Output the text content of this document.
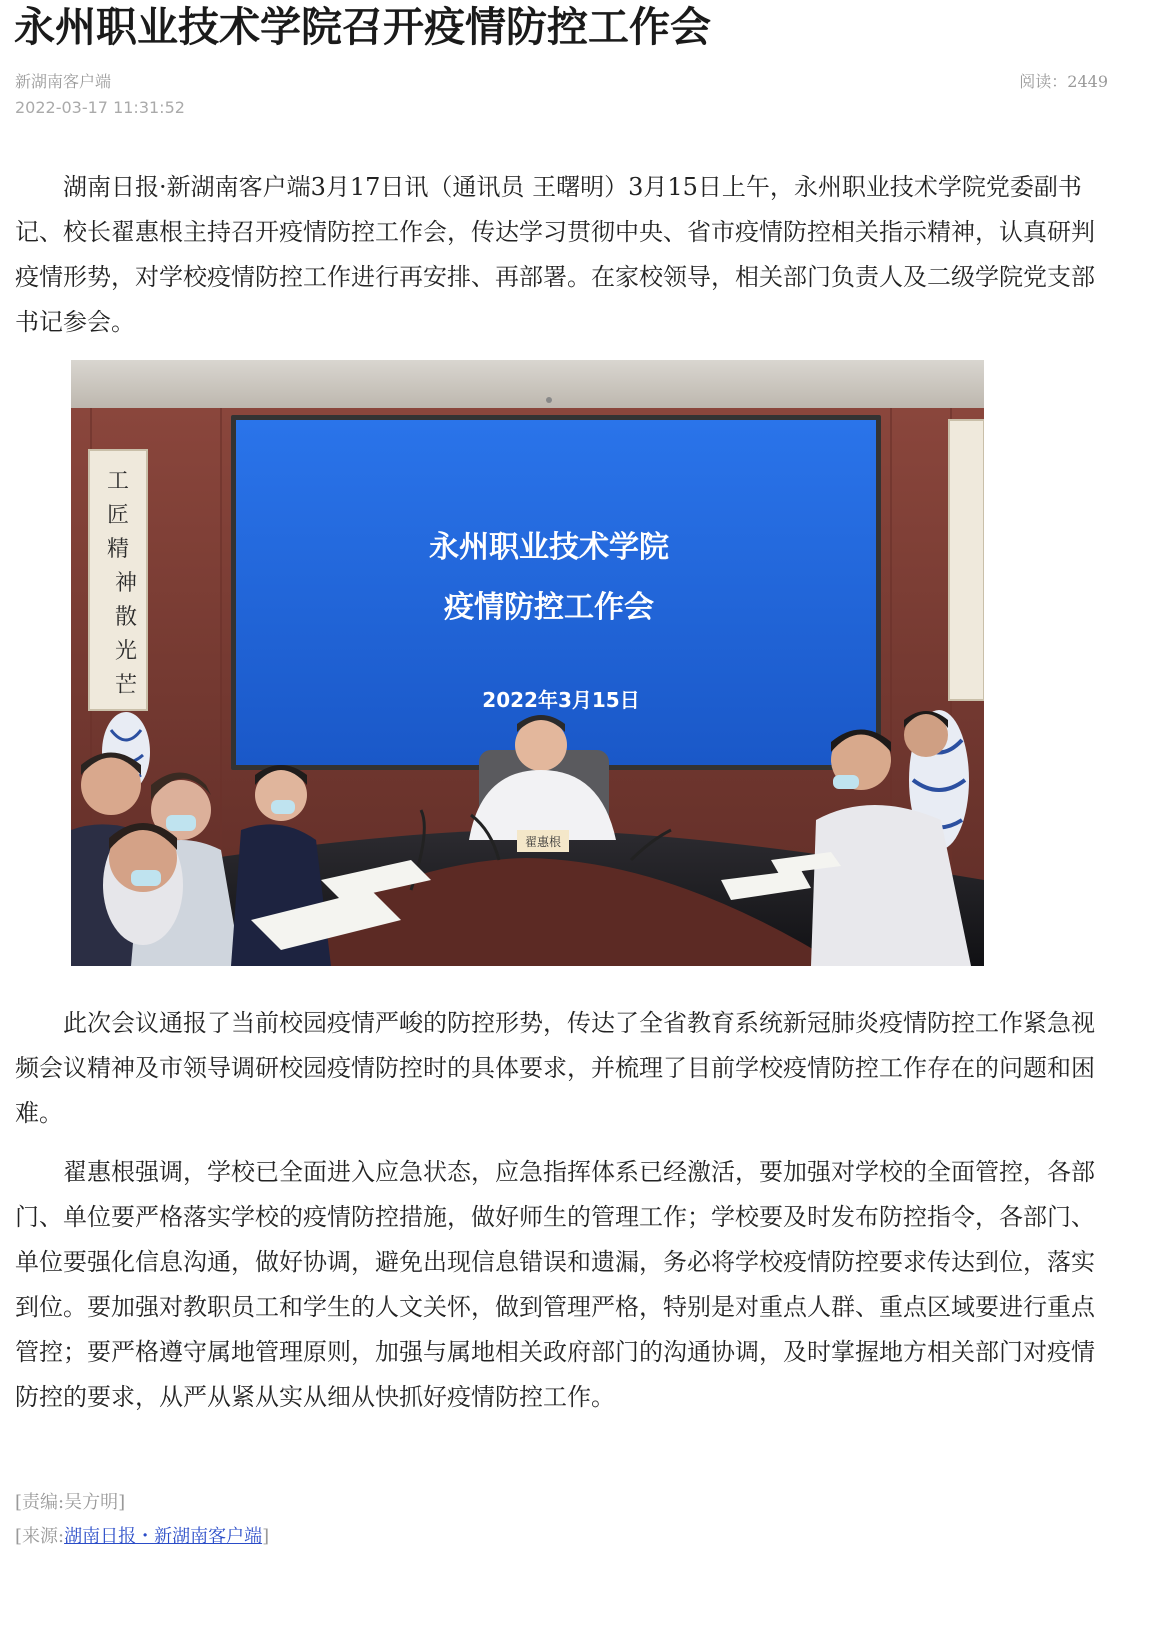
永州职业技术学院召开疫情防控工作会
新湖南客户端
2022-03-17 11:31:52
阅读：2449

湖南日报·新湖南客户端3月17日讯（通讯员 王曙明）3月15日上午，永州职业技术学院党委副书记、校长翟惠根主持召开疫情防控工作会，传达学习贯彻中央、省市疫情防控相关指示精神，认真研判疫情形势，对学校疫情防控工作进行再安排、再部署。在家校领导，相关部门负责人及二级学院党支部书记参会。

永州职业技术学院
疫情防控工作会
2022年3月15日
工
匠
精
神
散
光
芒
翟惠根

此次会议通报了当前校园疫情严峻的防控形势，传达了全省教育系统新冠肺炎疫情防控工作紧急视频会议精神及市领导调研校园疫情防控时的具体要求，并梳理了目前学校疫情防控工作存在的问题和困难。

翟惠根强调，学校已全面进入应急状态，应急指挥体系已经激活，要加强对学校的全面管控，各部门、单位要严格落实学校的疫情防控措施，做好师生的管理工作；学校要及时发布防控指令，各部门、单位要强化信息沟通，做好协调，避免出现信息错误和遗漏，务必将学校疫情防控要求传达到位，落实到位。要加强对教职员工和学生的人文关怀，做到管理严格，特别是对重点人群、重点区域要进行重点管控；要严格遵守属地管理原则，加强与属地相关政府部门的沟通协调，及时掌握地方相关部门对疫情防控的要求，从严从紧从实从细从快抓好疫情防控工作。

[责编:吴方明]
[来源:湖南日报・新湖南客户端]
